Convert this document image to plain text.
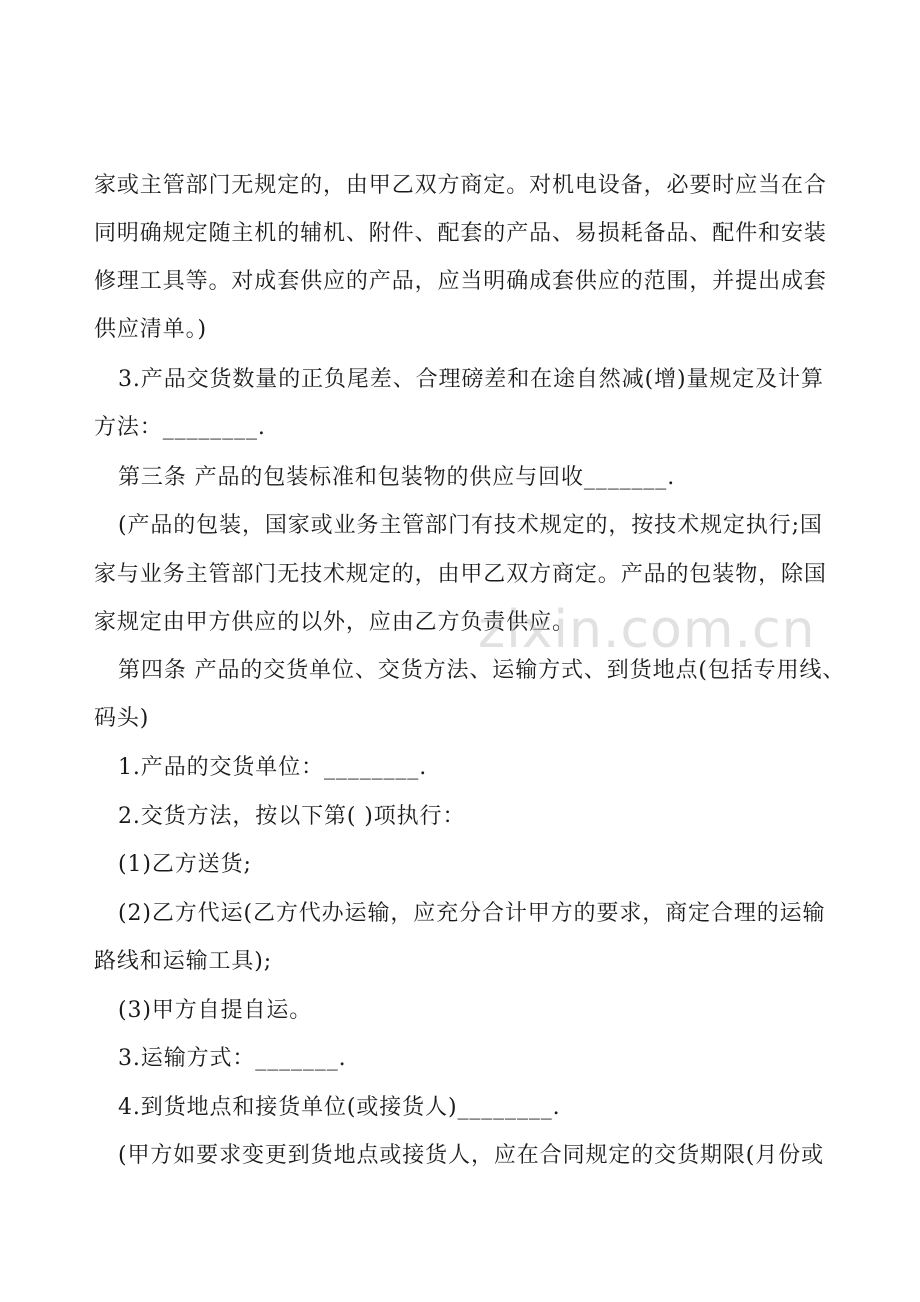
家或主管部门无规定的，由甲乙双方商定。对机电设备，必要时应当在合
同明确规定随主机的辅机、附件、配套的产品、易损耗备品、配件和安装
修理工具等。对成套供应的产品，应当明确成套供应的范围，并提出成套
供应清单。)
3.产品交货数量的正负尾差、合理磅差和在途自然减(增)量规定及计算
方法：________.
第三条 产品的包装标准和包装物的供应与回收_______.
(产品的包装，国家或业务主管部门有技术规定的，按技术规定执行;国
家与业务主管部门无技术规定的，由甲乙双方商定。产品的包装物，除国
家规定由甲方供应的以外，应由乙方负责供应。
第四条 产品的交货单位、交货方法、运输方式、到货地点(包括专用线、
码头)
1.产品的交货单位：________.
2.交货方法，按以下第( )项执行：
(1)乙方送货;
(2)乙方代运(乙方代办运输，应充分合计甲方的要求，商定合理的运输
路线和运输工具);
(3)甲方自提自运。
3.运输方式：_______.
4.到货地点和接货单位(或接货人)________.
(甲方如要求变更到货地点或接货人，应在合同规定的交货期限(月份或
zixin.com.cn
